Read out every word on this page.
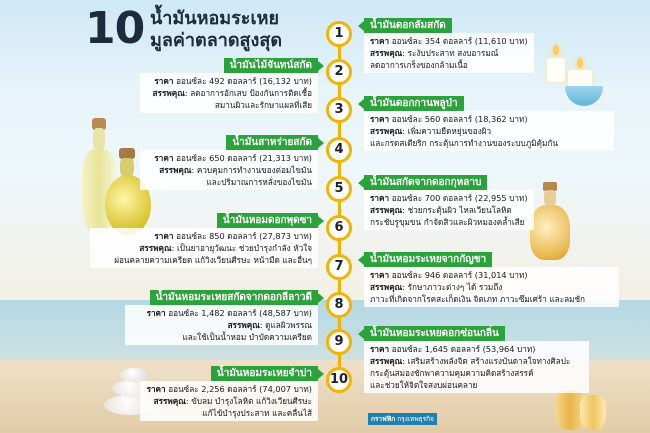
10 น้ำมันหอมระเหย
มูลค่าตลาดสูงสุด	1
2
3
4
5
6
7
8
9
10
น้ำมันดอกลัมสกัด
ราคา ออนซ์ละ 354 ดอลลาร์ (11,610 บาท)
สรรพคุณ: ระงับประสาท สงบอารมณ์
ลดอาการเกร็งของกล้ามเนื้อ
น้ำมันไม้จันทน์สกัด
ราคา ออนซ์ละ 492 ดอลลาร์ (16,132 บาท)
สรรพคุณ: ลดอาการอักเสบ ป้องกันการติดเชื้อ
สมานผิวและรักษาแผลที่เสีย	น้ำมันดอกกานพลูป่า
ราคา ออนซ์ละ 560 ดอลลาร์ (18,362 บาท)
สรรพคุณ: เพิ่มความยืดหยุ่นของผิว
และกรดสเตียริก กระตุ้นการทำงานของระบบภูมิคุ้มกัน
น้ำมันสาหร่ายสกัด
ราคา ออนซ์ละ 650 ดอลลาร์ (21,313 บาท)
สรรพคุณ: ควบคุมการทำงานของต่อมไขมัน
และปริมาณการหลั่งของไขมัน	น้ำมันสกัดจากดอกกุหลาบ
ราคา ออนซ์ละ 700 ดอลลาร์ (22,955 บาท)
สรรพคุณ: ช่วยกระตุ้นผิว ไหลเวียนโลหิต
กระชับรูขุมขน กำจัดสิวและผิวหมองคล้ำเสีย
น้ำมันหอมดอกพุดซา
ราคา ออนซ์ละ 850 ดอลลาร์ (27,873 บาท)
สรรพคุณ: เป็นยาอายุวัฒนะ ช่วยบำรุงกำลัง หัวใจ
ผ่อนคลายความเครียด แก้วิงเวียนศีรษะ หน้ามืด และอื่นๆ	น้ำมันหอมระเหยจากกัญชา
ราคา ออนซ์ละ 946 ดอลลาร์ (31,014 บาท)
สรรพคุณ: รักษาภาวะต่างๆ ได้ รวมถึง
ภาวะที่เกิดจากโรคสะเก็ดเงิน จิตเภท ภาวะซึมเศร้า และลมชัก
น้ำมันหอมระเหยสกัดจากดอกลีลาวดี
ราคา ออนซ์ละ 1,482 ดอลลาร์ (48,587 บาท)
สรรพคุณ: ดูแลผิวพรรณ
และใช้เป็นน้ำหอม บำบัดความเครียด	น้ำมันหอมระเหยดอกซ่อนกลิ่น
ราคา ออนซ์ละ 1,645 ดอลลาร์ (53,964 บาท)
สรรพคุณ: เสริมสร้างพลังจิต สร้างแรงบันดาลใจทางศิลปะ
กระตุ้นสมองชักพาความคุมความคิดสร้างสรรค์
และช่วยให้จิตใจสงบผ่อนคลาย
น้ำมันหอมระเหยจำปา
ราคา ออนซ์ละ 2,256 ดอลลาร์ (74,007 บาท)
สรรพคุณ: ขับลม บำรุงโลหิต แก้วิงเวียนศีรษะ
แก้ไข้บำรุงประสาท และคลื่นไส้
กราฟฟิก กรุงเทพธุรกิจ
